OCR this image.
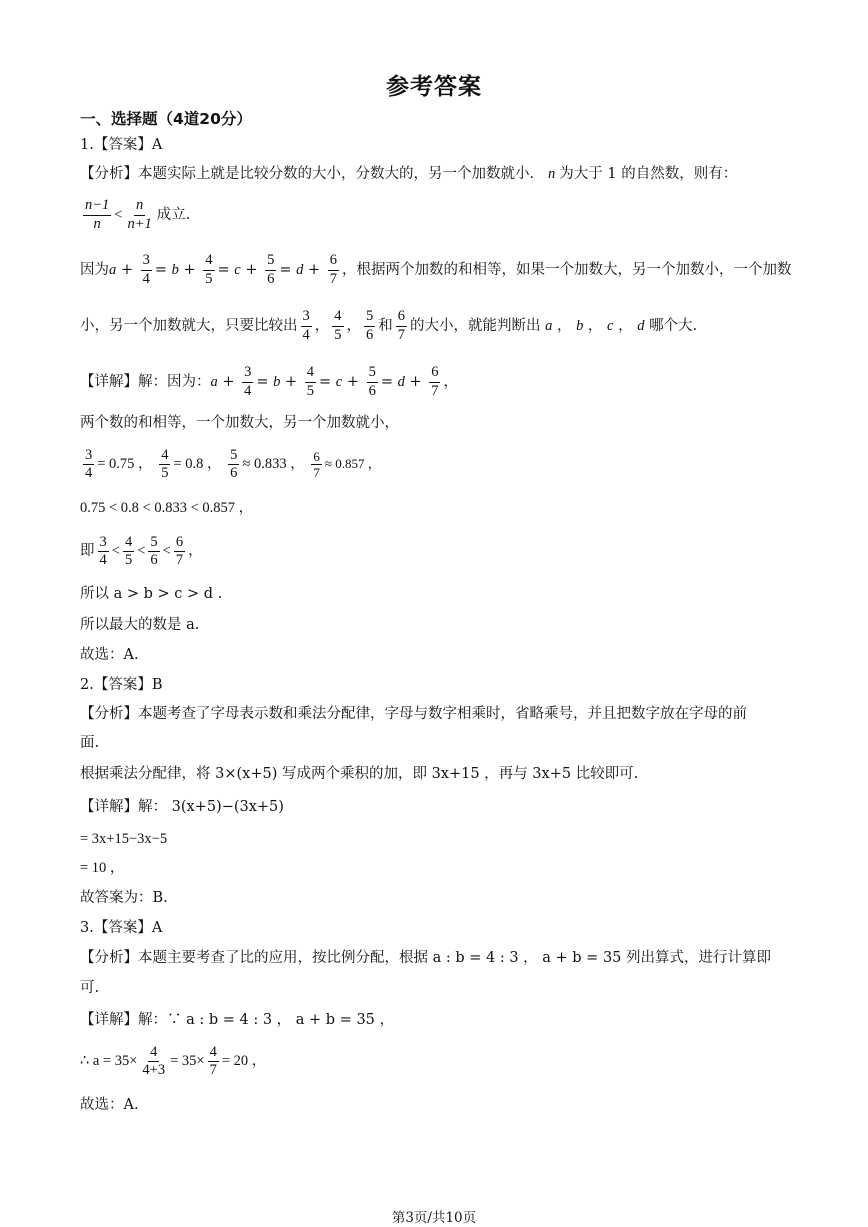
参考答案
一、选择题（4道20分）
1.【答案】A
【分析】本题实际上就是比较分数的大小，分数大的，另一个加数就小． n 为大于 1 的自然数，则有：
$\frac{n-1}{n} < \frac{n}{n+1}$ 成立.
因为$a + \frac{3}{4} = b + \frac{4}{5} = c + \frac{5}{6} = d + \frac{6}{7}$ ，根据两个加数的和相等，如果一个加数大，另一个加数小，一个加数
小，另一个加数就大，只要比较出 $\frac{3}{4}$ ， $\frac{4}{5}$ ， $\frac{5}{6}$ 和 $\frac{6}{7}$ 的大小，就能判断出 a ， b ， c ， d 哪个大.
【详解】解：因为：$a + \frac{3}{4} = b + \frac{4}{5} = c + \frac{5}{6} = d + \frac{6}{7}$ ，
两个数的和相等，一个加数大，另一个加数就小，
$\frac{3}{4} = 0.75$ ， $\frac{4}{5} = 0.8$ ， $\frac{5}{6} \approx 0.833$ ， $\frac{6}{7} \approx 0.857$ ，
0.75 < 0.8 < 0.833 < 0.857 ，
即 $\frac{3}{4} < \frac{4}{5} < \frac{5}{6} < \frac{6}{7}$ ，
所以 a > b > c > d .
所以最大的数是 a.
故选：A.
2.【答案】B
【分析】本题考查了字母表示数和乘法分配律，字母与数字相乘时，省略乘号，并且把数字放在字母的前
面.
根据乘法分配律，将 3×(x+5) 写成两个乘积的加，即 3x+15 ，再与 3x+5 比较即可.
【详解】解： 3(x+5)−(3x+5)
= 3x+15−3x−5
= 10 ，
故答案为：B.
3.【答案】A
【分析】本题主要考查了比的应用，按比例分配，根据 a : b = 4 : 3 ， a + b = 35 列出算式，进行计算即
可.
【详解】解：∵ a : b = 4 : 3 ， a + b = 35 ，
∴ $a = 35\times \frac{4}{4+3} = 35\times \frac{4}{7} = 20$ ，
故选：A.
第3页/共10页
